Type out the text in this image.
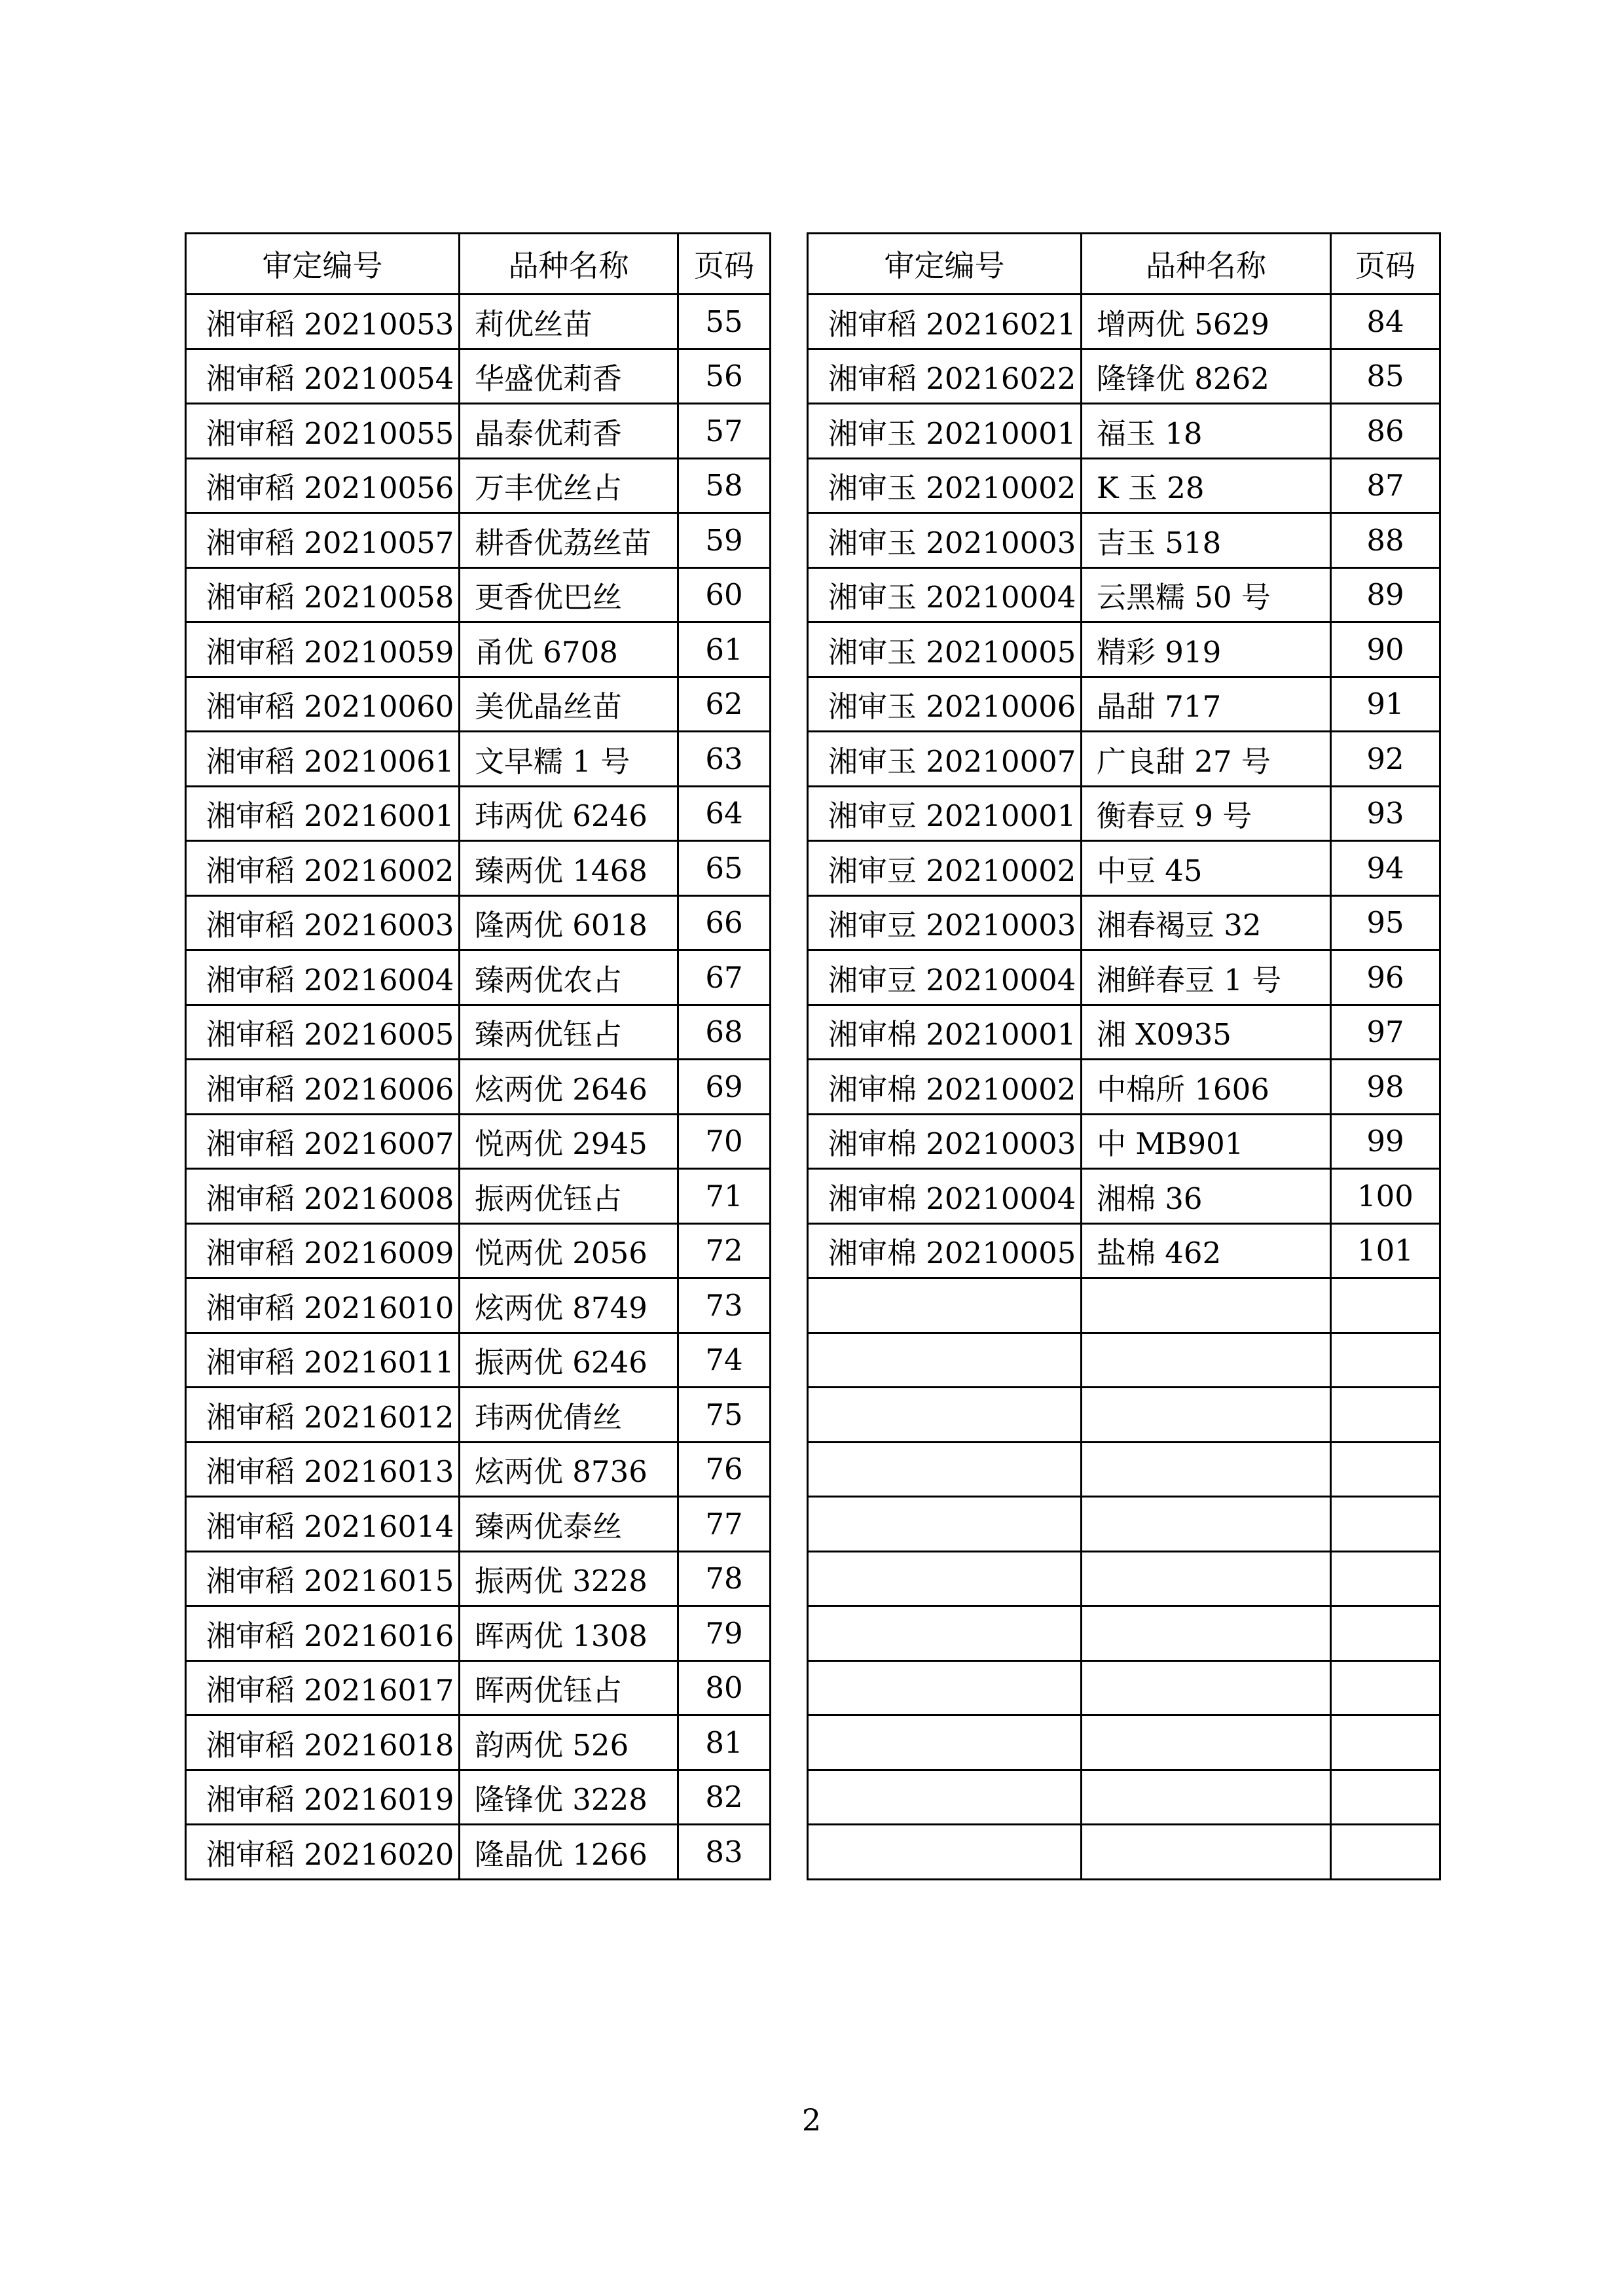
审定编号	品种名称	页码
湘审稻 20210053	莉优丝苗	55
湘审稻 20210054	华盛优莉香	56
湘审稻 20210055	晶泰优莉香	57
湘审稻 20210056	万丰优丝占	58
湘审稻 20210057	耕香优荔丝苗	59
湘审稻 20210058	更香优巴丝	60
湘审稻 20210059	甬优 6708	61
湘审稻 20210060	美优晶丝苗	62
湘审稻 20210061	文早糯 1 号	63
湘审稻 20216001	玮两优 6246	64
湘审稻 20216002	臻两优 1468	65
湘审稻 20216003	隆两优 6018	66
湘审稻 20216004	臻两优农占	67
湘审稻 20216005	臻两优钰占	68
湘审稻 20216006	炫两优 2646	69
湘审稻 20216007	悦两优 2945	70
湘审稻 20216008	振两优钰占	71
湘审稻 20216009	悦两优 2056	72
湘审稻 20216010	炫两优 8749	73
湘审稻 20216011	振两优 6246	74
湘审稻 20216012	玮两优倩丝	75
湘审稻 20216013	炫两优 8736	76
湘审稻 20216014	臻两优泰丝	77
湘审稻 20216015	振两优 3228	78
湘审稻 20216016	晖两优 1308	79
湘审稻 20216017	晖两优钰占	80
湘审稻 20216018	韵两优 526	81
湘审稻 20216019	隆锋优 3228	82
湘审稻 20216020	隆晶优 1266	83
审定编号	品种名称	页码
湘审稻 20216021	增两优 5629	84
湘审稻 20216022	隆锋优 8262	85
湘审玉 20210001	福玉 18	86
湘审玉 20210002	K 玉 28	87
湘审玉 20210003	吉玉 518	88
湘审玉 20210004	云黑糯 50 号	89
湘审玉 20210005	精彩 919	90
湘审玉 20210006	晶甜 717	91
湘审玉 20210007	广良甜 27 号	92
湘审豆 20210001	衡春豆 9 号	93
湘审豆 20210002	中豆 45	94
湘审豆 20210003	湘春褐豆 32	95
湘审豆 20210004	湘鲜春豆 1 号	96
湘审棉 20210001	湘 X0935	97
湘审棉 20210002	中棉所 1606	98
湘审棉 20210003	中 MB901	99
湘审棉 20210004	湘棉 36	100
湘审棉 20210005	盐棉 462	101

2
